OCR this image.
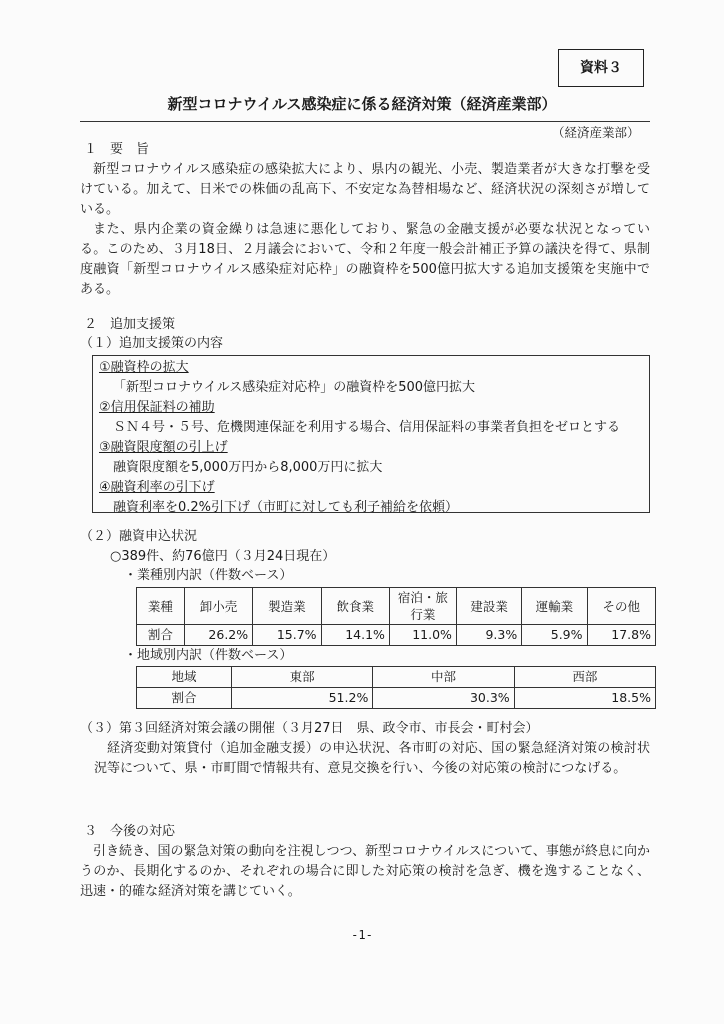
資料３
新型コロナウイルス感染症に係る経済対策（経済産業部）
（経済産業部）
１　要　旨

新型コロナウイルス感染症の感染拡大により、県内の観光、小売、製造業者が大きな打撃を受けている。加えて、日米での株価の乱高下、不安定な為替相場など、経済状況の深刻さが増している。

また、県内企業の資金繰りは急速に悪化しており、緊急の金融支援が必要な状況となっている。このため、３月18日、２月議会において、令和２年度一般会計補正予算の議決を得て、県制度融資「新型コロナウイルス感染症対応枠」の融資枠を500億円拡大する追加支援策を実施中である。

２　追加支援策
（１）追加支援策の内容
①融資枠の拡大
「新型コロナウイルス感染症対応枠」の融資枠を500億円拡大
②信用保証料の補助
ＳＮ４号・５号、危機関連保証を利用する場合、信用保証料の事業者負担をゼロとする
③融資限度額の引上げ
融資限度額を5,000万円から8,000万円に拡大
④融資利率の引下げ
融資利率を0.2%引下げ（市町に対しても利子補給を依頼）
（２）融資申込状況
○389件、約76億円（３月24日現在）
・業種別内訳（件数ベース）
業種	卸小売	製造業	飲食業	宿泊・旅行業	建設業	運輸業	その他
割合	26.2%	15.7%	14.1%	11.0%	9.3%	5.9%	17.8%
・地域別内訳（件数ベース）
地域	東部	中部	西部
割合	51.2%	30.3%	18.5%
（３）第３回経済対策会議の開催（３月27日　県、政令市、市長会・町村会）

経済変動対策貸付（追加金融支援）の申込状況、各市町の対応、国の緊急経済対策の検討状況等について、県・市町間で情報共有、意見交換を行い、今後の対応策の検討につなげる。

３　今後の対応

引き続き、国の緊急対策の動向を注視しつつ、新型コロナウイルスについて、事態が終息に向かうのか、長期化するのか、それぞれの場合に即した対応策の検討を急ぎ、機を逸することなく、迅速・的確な経済対策を講じていく。

-1-
